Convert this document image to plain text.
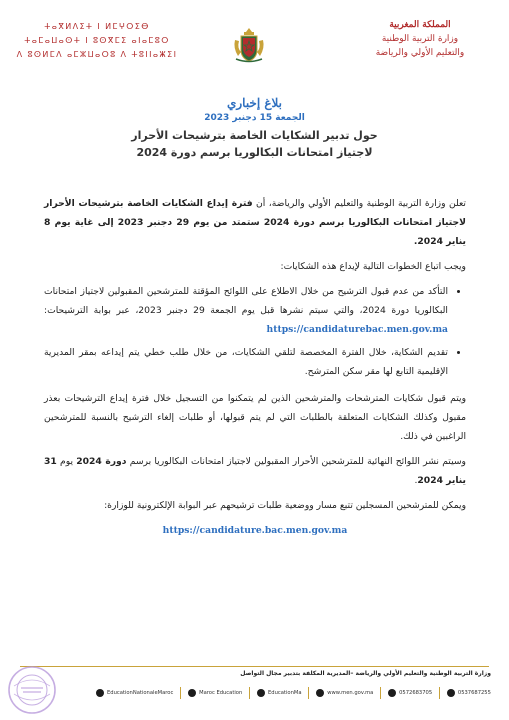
ⵜⴰⴳⵍⴷⵉⵜ ⵏ ⵍⵎⵖⵔⵉⴱ
ⵜⴰⵎⴰⵡⴰⵙⵜ ⵏ ⵓⵙⴳⵎⵉ ⴰⵏⴰⵎⵓⵔ
ⴷ ⵓⵙⵍⵎⴷ ⴰⵎⵣⵡⴰⵔⵓ ⴷ ⵜⵓⵏⵏⴰⵥⵉⵏ
المملكة المغربية
وزارة التربية الوطنية
والتعليم الأولي والرياضة
بلاغ إخباري
الجمعة 15 دجنبر 2023
حول تدبير الشكايات الخاصة بترشيحات الأحرار
لاجتياز امتحانات البكالوريا برسم دورة 2024

تعلن وزارة التربية الوطنية والتعليم الأولي والرياضة، أن فترة إيداع الشكايات الخاصة بترشيحات الأحرار لاجتياز امتحانات البكالوريا برسم دورة 2024 ستمتد من يوم 29 دجنبر 2023 إلى غاية يوم 8 يناير 2024.

ويجب اتباع الخطوات التالية لإيداع هذه الشكايات:

• التأكد من عدم قبول الترشيح من خلال الاطلاع على اللوائح المؤقتة للمترشحين المقبولين لاجتياز امتحانات البكالوريا دورة 2024، والتي سيتم نشرها قبل يوم الجمعة 29 دجنبر 2023، عبر بوابة الترشيحات: https://candidaturebac.men.gov.ma
• تقديم الشكاية، خلال الفترة المخصصة لتلقي الشكايات، من خلال طلب خطي يتم إيداعه بمقر المديرية الإقليمية التابع لها مقر سكن المترشح.

ويتم قبول شكايات المترشحات والمترشحين الذين لم يتمكنوا من التسجيل خلال فترة إيداع الترشيحات بعذر مقبول وكذلك الشكايات المتعلقة بالطلبات التي لم يتم قبولها، أو طلبات إلغاء الترشيح بالنسبة للمترشحين الراغبين في ذلك.

وسيتم نشر اللوائح النهائية للمترشحين الأحرار المقبولين لاجتياز امتحانات البكالوريا برسم دورة 2024 يوم 31 يناير 2024.

ويمكن للمترشحين المسجلين تتبع مسار ووضعية طلبات ترشيحهم عبر البوابة الإلكترونية للوزارة:

https://candidature.bac.men.gov.ma
وزارة التربية الوطنية والتعليم الأولي والرياضة –المديرية المكلفة بتدبير مجال التواصل
EducationNationaleMaroc	Maroc Education	EducationMa	www.men.gov.ma	0572683705	0537687255
